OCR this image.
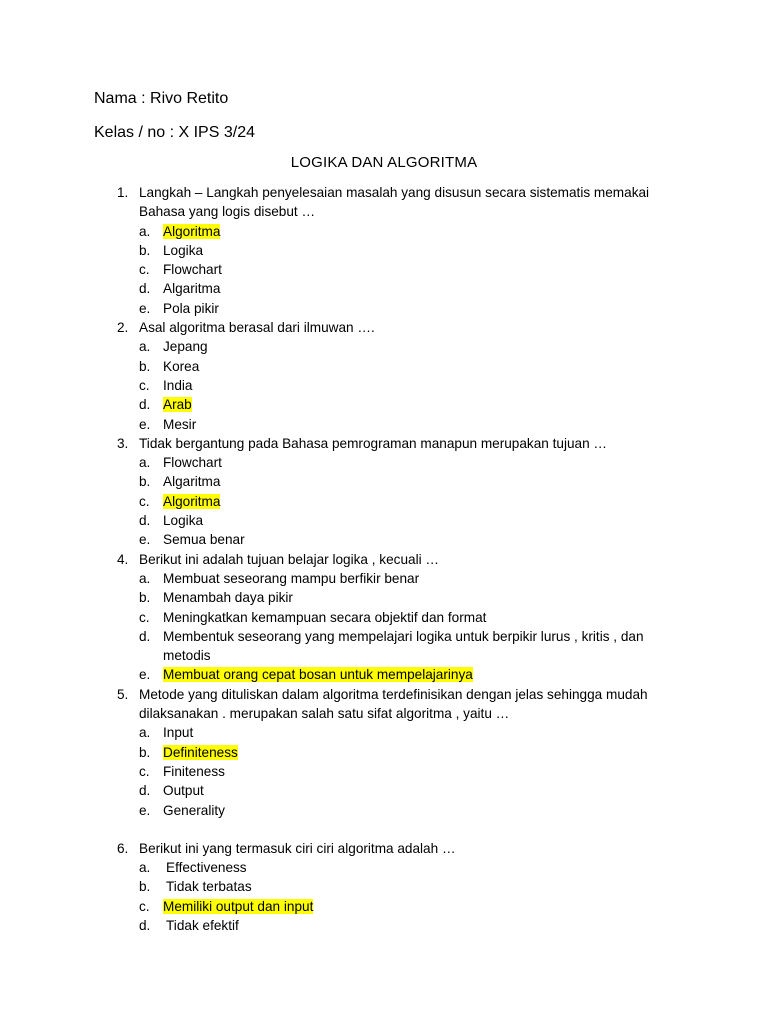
Nama : Rivo Retito
Kelas / no : X IPS 3/24
LOGIKA DAN ALGORITMA
1. Langkah – Langkah penyelesaian masalah yang disusun secara sistematis memakai Bahasa yang logis disebut …
a. Algoritma
b. Logika
c. Flowchart
d. Algaritma
e. Pola pikir
2. Asal algoritma berasal dari ilmuwan ….
a. Jepang
b. Korea
c. India
d. Arab
e. Mesir
3. Tidak bergantung pada Bahasa pemrograman manapun merupakan tujuan …
a. Flowchart
b. Algaritma
c. Algoritma
d. Logika
e. Semua benar
4. Berikut ini adalah tujuan belajar logika , kecuali …
a. Membuat seseorang mampu berfikir benar
b. Menambah daya pikir
c. Meningkatkan kemampuan secara objektif dan format
d. Membentuk seseorang yang mempelajari logika untuk berpikir lurus , kritis , dan metodis
e. Membuat orang cepat bosan untuk mempelajarinya
5. Metode yang dituliskan dalam algoritma terdefinisikan dengan jelas sehingga mudah dilaksanakan . merupakan salah satu sifat algoritma , yaitu …
a. Input
b. Definiteness
c. Finiteness
d. Output
e. Generality
6. Berikut ini yang termasuk ciri ciri algoritma adalah …
a. Effectiveness
b. Tidak terbatas
c. Memiliki output dan input
d. Tidak efektif
